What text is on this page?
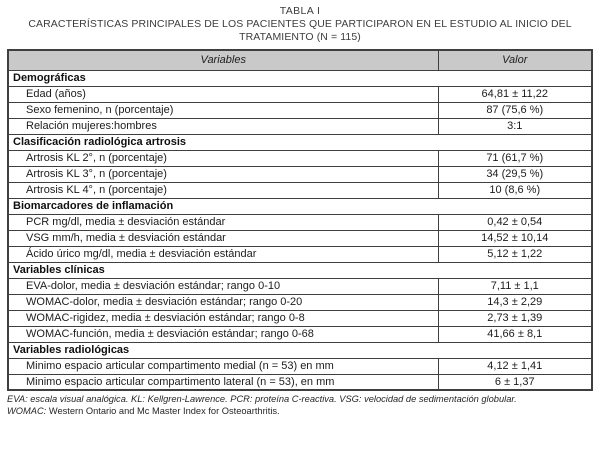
TABLA I
CARACTERÍSTICAS PRINCIPALES DE LOS PACIENTES QUE PARTICIPARON EN EL ESTUDIO AL INICIO DEL TRATAMIENTO (N = 115)
Variables	Valor
Demográficas	
Edad (años)	64,81 ± 11,22
Sexo femenino, n (porcentaje)	87 (75,6 %)
Relación mujeres:hombres	3:1
Clasificación radiológica artrosis	
Artrosis KL 2°, n (porcentaje)	71 (61,7 %)
Artrosis KL 3°, n (porcentaje)	34 (29,5 %)
Artrosis KL 4°, n (porcentaje)	10 (8,6 %)
Biomarcadores de inflamación	
PCR mg/dl, media ± desviación estándar	0,42 ± 0,54
VSG mm/h, media ± desviación estándar	14,52 ± 10,14
Ácido úrico mg/dl, media ± desviación estándar	5,12 ± 1,22
Variables clínicas	
EVA-dolor, media ± desviación estándar; rango 0-10	7,11 ± 1,1
WOMAC-dolor, media ± desviación estándar; rango 0-20	14,3 ± 2,29
WOMAC-rigidez, media ± desviación estándar; rango 0-8	2,73 ± 1,39
WOMAC-función, media ± desviación estándar; rango 0-68	41,66 ± 8,1
Variables radiológicas	
Minimo espacio articular compartimento medial (n = 53) en mm	4,12 ± 1,41
Minimo espacio articular compartimento lateral (n = 53), en mm	6 ± 1,37
EVA: escala visual analógica. KL: Kellgren-Lawrence. PCR: proteína C-reactiva. VSG: velocidad de sedimentación globular.
WOMAC: Western Ontario and Mc Master Index for Osteoarthritis.
